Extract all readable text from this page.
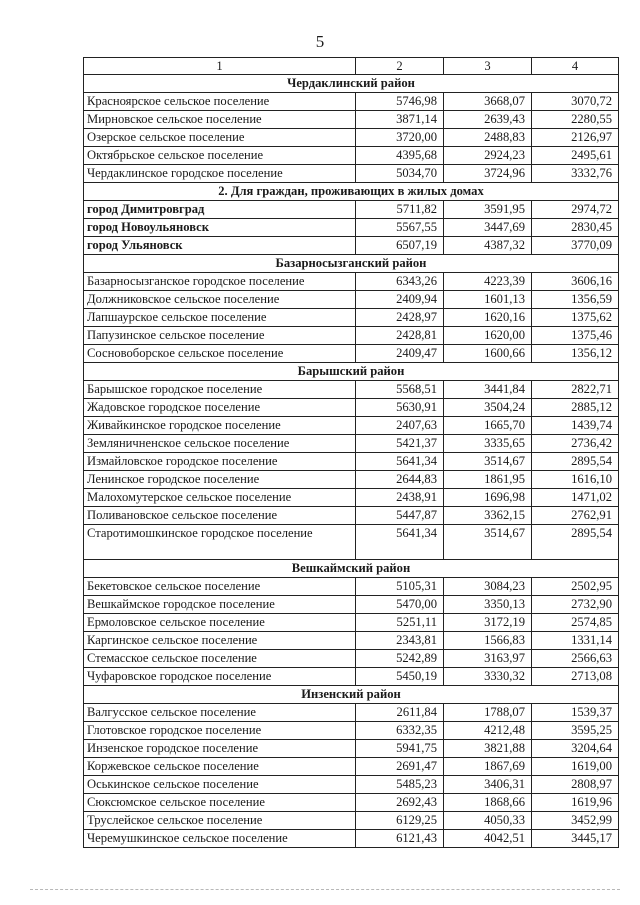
5
1	2	3	4
Чердаклинский район			
Красноярское сельское поселение	5746,98	3668,07	3070,72
Мирновское сельское поселение	3871,14	2639,43	2280,55
Озерское сельское поселение	3720,00	2488,83	2126,97
Октябрьское сельское поселение	4395,68	2924,23	2495,61
Чердаклинское городское поселение	5034,70	3724,96	3332,76
2. Для граждан, проживающих в жилых домах			
город Димитровград	5711,82	3591,95	2974,72
город Новоульяновск	5567,55	3447,69	2830,45
город Ульяновск	6507,19	4387,32	3770,09
Базарносызганский район			
Базарносызганское городское поселение	6343,26	4223,39	3606,16
Должниковское сельское поселение	2409,94	1601,13	1356,59
Лапшаурское сельское поселение	2428,97	1620,16	1375,62
Папузинское сельское поселение	2428,81	1620,00	1375,46
Сосновоборское сельское поселение	2409,47	1600,66	1356,12
Барышский район			
Барышское городское поселение	5568,51	3441,84	2822,71
Жадовское городское поселение	5630,91	3504,24	2885,12
Живайкинское городское поселение	2407,63	1665,70	1439,74
Земляничненское сельское поселение	5421,37	3335,65	2736,42
Измайловское городское поселение	5641,34	3514,67	2895,54
Ленинское городское поселение	2644,83	1861,95	1616,10
Малохомутерское сельское поселение	2438,91	1696,98	1471,02
Поливановское сельское поселение	5447,87	3362,15	2762,91
Старотимошкинское городское поселение	5641,34	3514,67	2895,54
Вешкаймский район			
Бекетовское сельское поселение	5105,31	3084,23	2502,95
Вешкаймское городское поселение	5470,00	3350,13	2732,90
Ермоловское сельское поселение	5251,11	3172,19	2574,85
Каргинское сельское поселение	2343,81	1566,83	1331,14
Стемасское сельское поселение	5242,89	3163,97	2566,63
Чуфаровское городское поселение	5450,19	3330,32	2713,08
Инзенский район			
Валгусское сельское поселение	2611,84	1788,07	1539,37
Глотовское городское поселение	6332,35	4212,48	3595,25
Инзенское городское поселение	5941,75	3821,88	3204,64
Коржевское сельское поселение	2691,47	1867,69	1619,00
Оськинское сельское поселение	5485,23	3406,31	2808,97
Сюксюмское сельское поселение	2692,43	1868,66	1619,96
Труслейское сельское поселение	6129,25	4050,33	3452,99
Черемушкинское сельское поселение	6121,43	4042,51	3445,17
